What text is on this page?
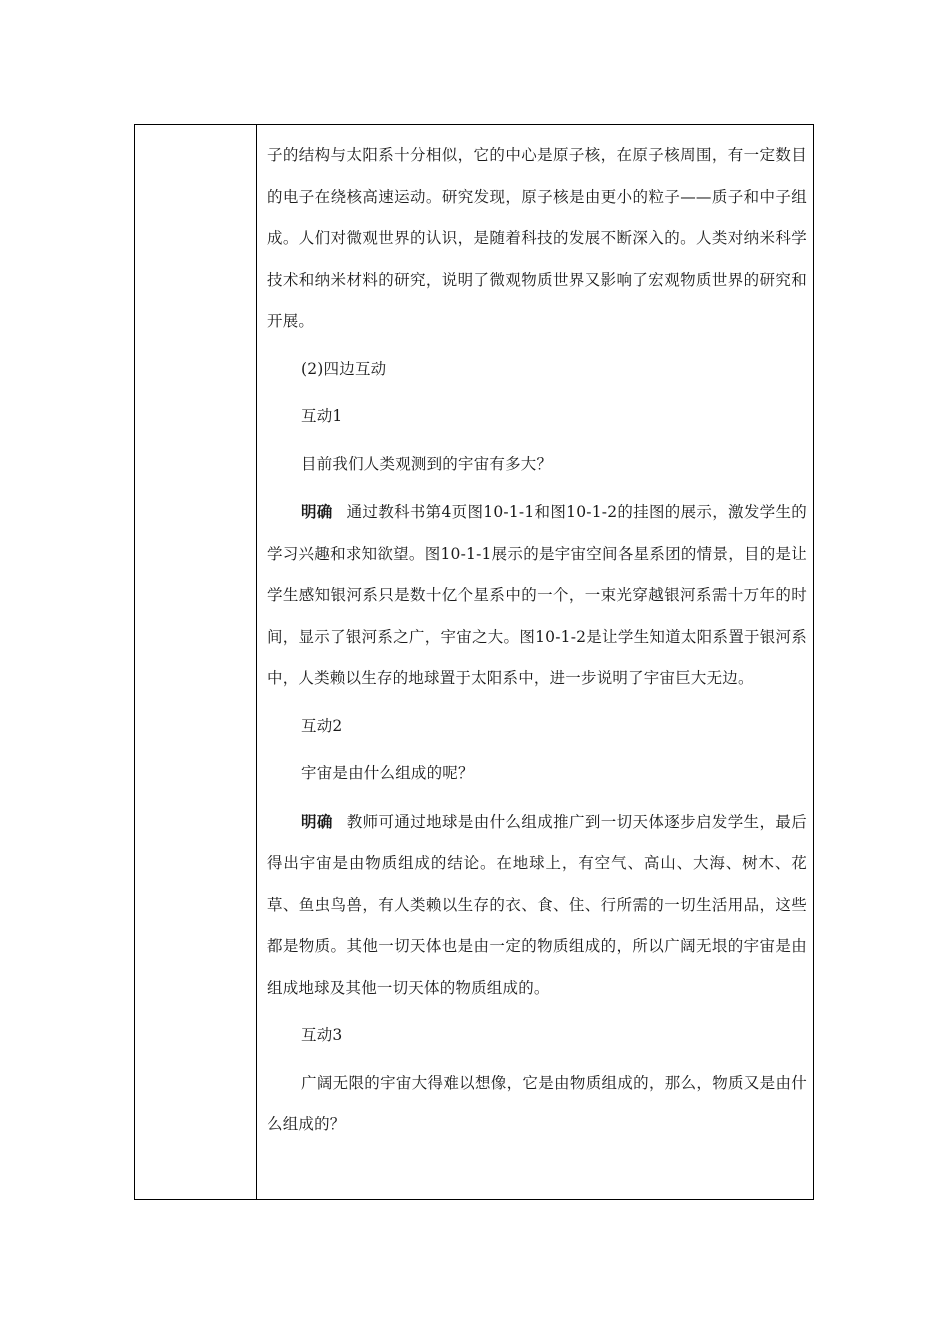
子的结构与太阳系十分相似，它的中心是原子核，在原子核周围，有一定数目的电子在绕核高速运动。研究发现，原子核是由更小的粒子——质子和中子组成。人们对微观世界的认识，是随着科技的发展不断深入的。人类对纳米科学技术和纳米材料的研究，说明了微观物质世界又影响了宏观物质世界的研究和开展。

(2)四边互动

互动1

目前我们人类观测到的宇宙有多大？

明确 通过教科书第4页图10-1-1和图10-1-2的挂图的展示，激发学生的学习兴趣和求知欲望。图10-1-1展示的是宇宙空间各星系团的情景，目的是让学生感知银河系只是数十亿个星系中的一个，一束光穿越银河系需十万年的时间，显示了银河系之广，宇宙之大。图10-1-2是让学生知道太阳系置于银河系中，人类赖以生存的地球置于太阳系中，进一步说明了宇宙巨大无边。

互动2

宇宙是由什么组成的呢？

明确 教师可通过地球是由什么组成推广到一切天体逐步启发学生，最后得出宇宙是由物质组成的结论。在地球上，有空气、高山、大海、树木、花草、鱼虫鸟兽，有人类赖以生存的衣、食、住、行所需的一切生活用品，这些都是物质。其他一切天体也是由一定的物质组成的，所以广阔无垠的宇宙是由组成地球及其他一切天体的物质组成的。

互动3

广阔无限的宇宙大得难以想像，它是由物质组成的，那么，物质又是由什么组成的？
